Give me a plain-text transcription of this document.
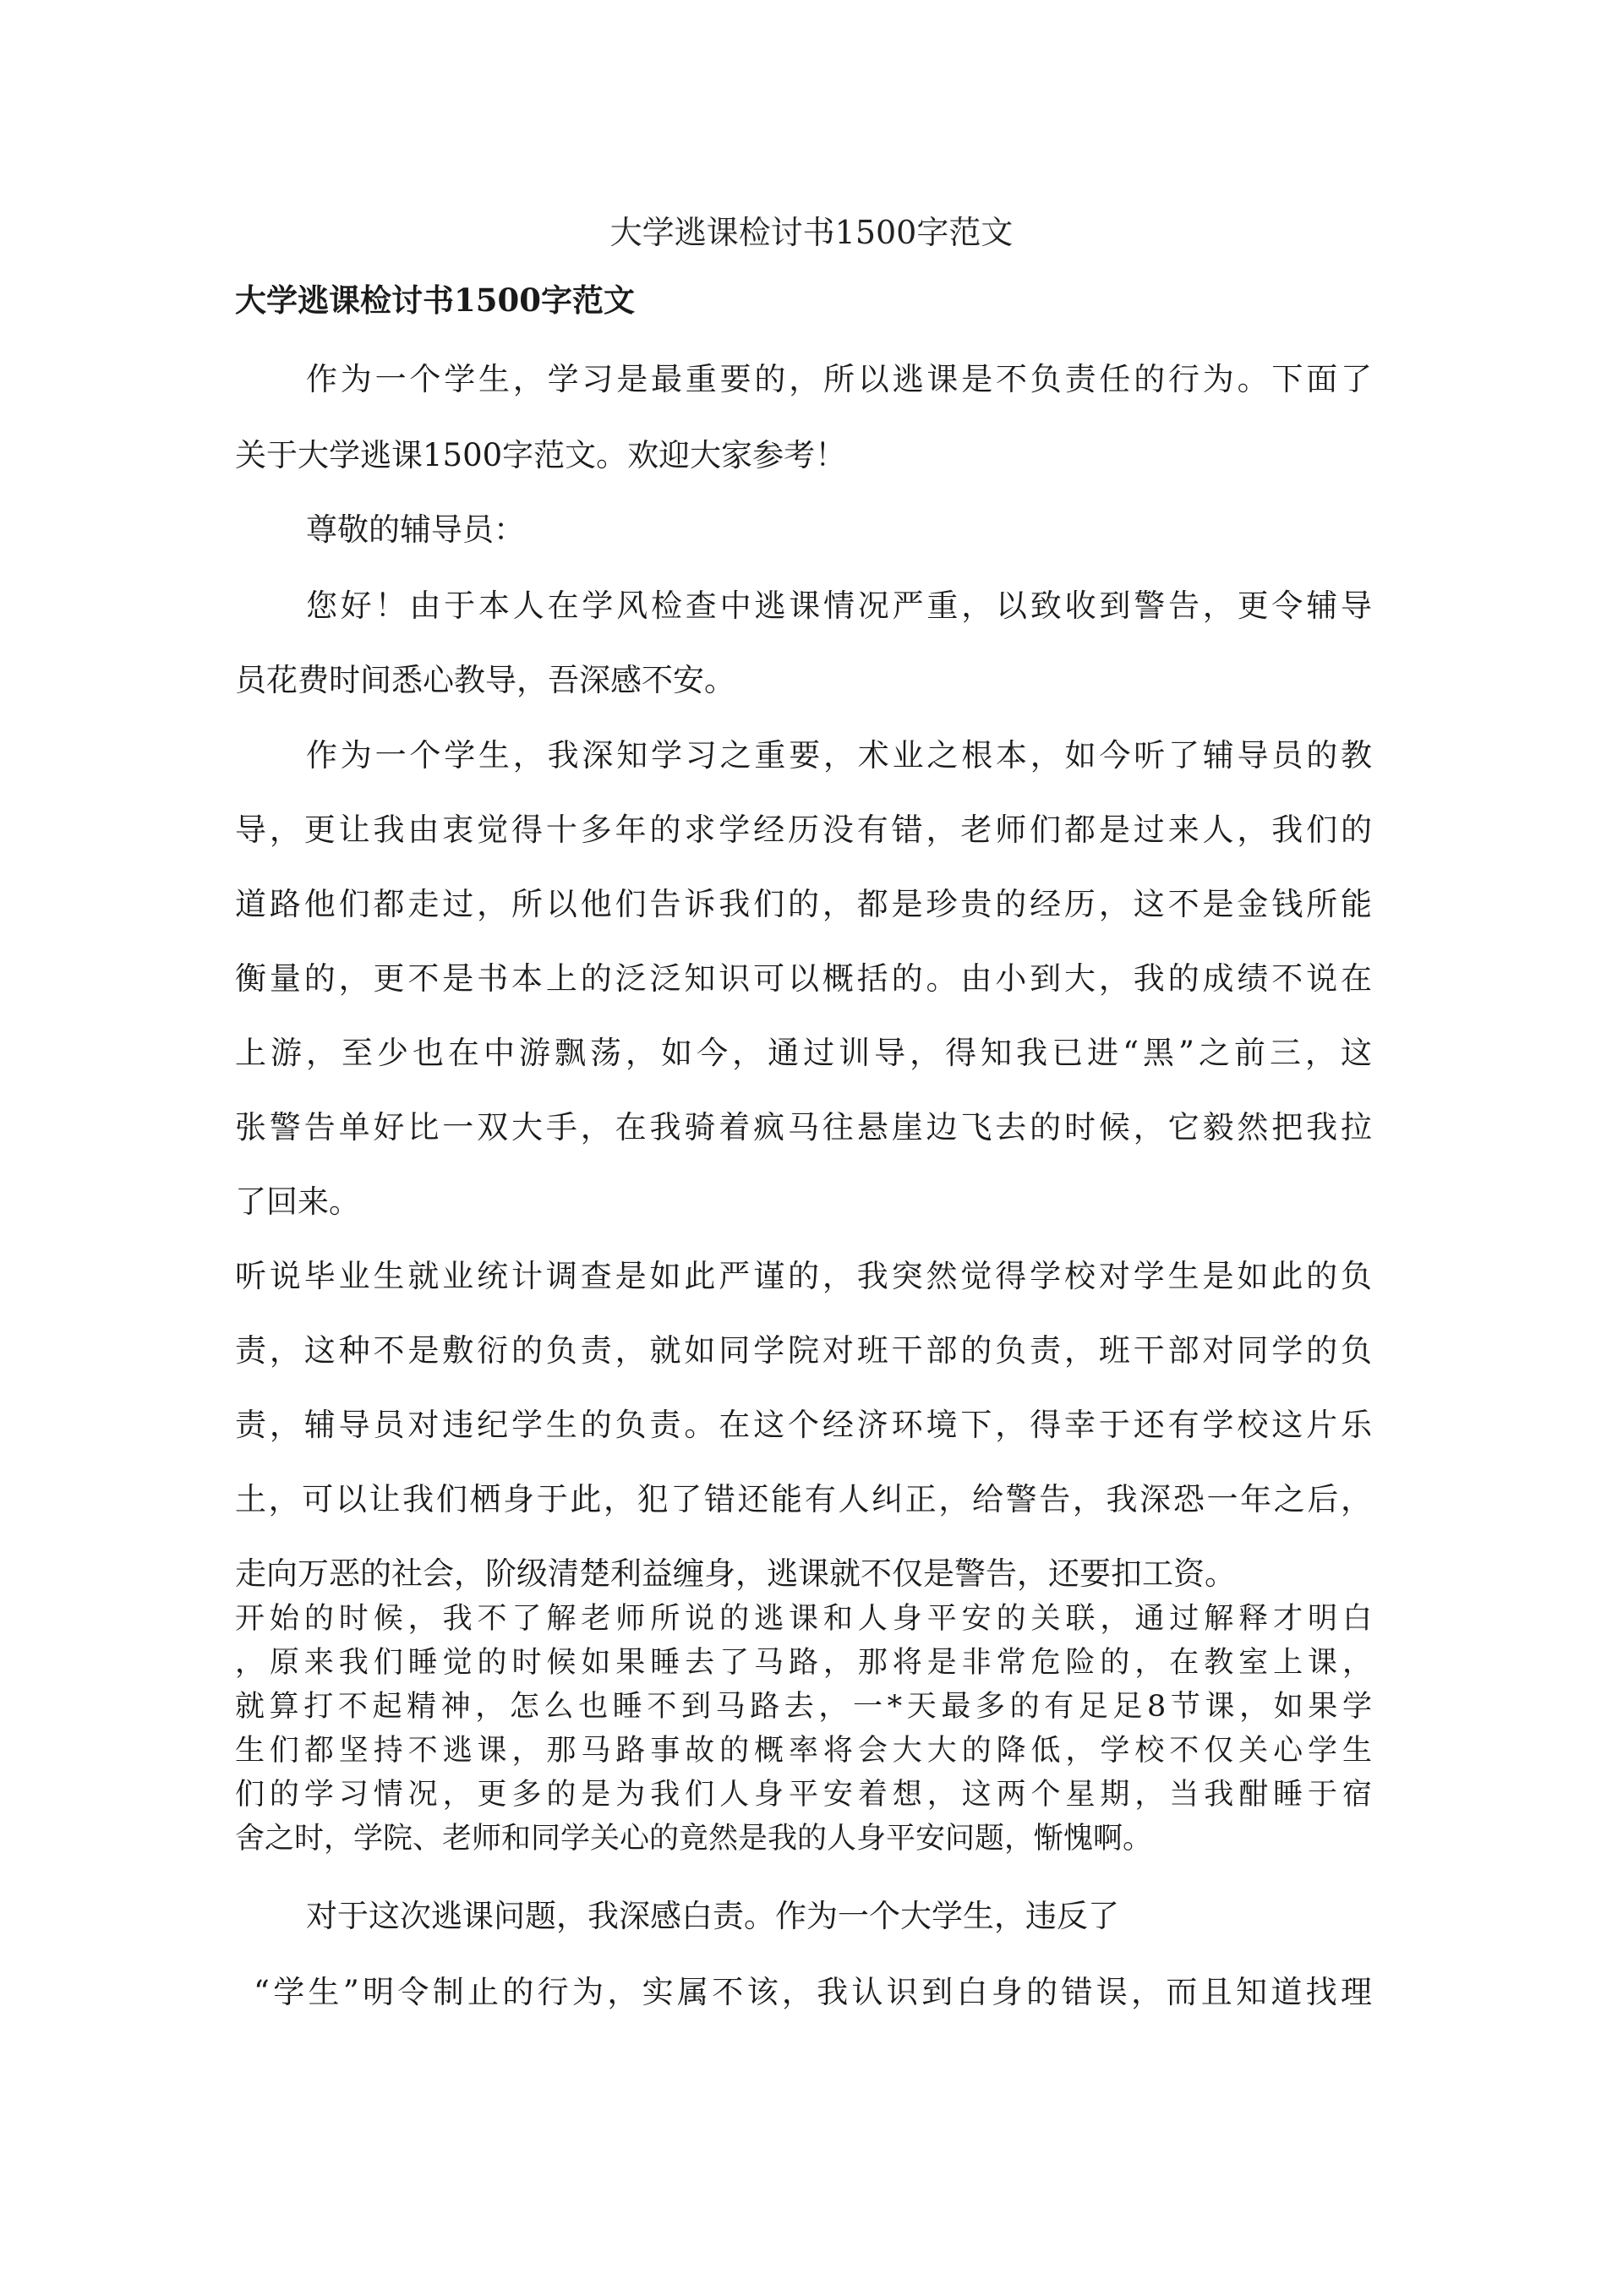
大学逃课检讨书1500字范文
大学逃课检讨书1500字范文
作为一个学生，学习是最重要的，所以逃课是不负责任的行为。下面了
关于大学逃课1500字范文。欢迎大家参考！
尊敬的辅导员：
您好！由于本人在学风检查中逃课情况严重，以致收到警告，更令辅导
员花费时间悉心教导，吾深感不安。
作为一个学生，我深知学习之重要，术业之根本，如今听了辅导员的教
导，更让我由衷觉得十多年的求学经历没有错，老师们都是过来人，我们的
道路他们都走过，所以他们告诉我们的，都是珍贵的经历，这不是金钱所能
衡量的，更不是书本上的泛泛知识可以概括的。由小到大，我的成绩不说在
上游，至少也在中游飘荡，如今，通过训导，得知我已进“黑”之前三，这
张警告单好比一双大手，在我骑着疯马往悬崖边飞去的时候，它毅然把我拉
了回来。
听说毕业生就业统计调查是如此严谨的，我突然觉得学校对学生是如此的负
责，这种不是敷衍的负责，就如同学院对班干部的负责，班干部对同学的负
责，辅导员对违纪学生的负责。在这个经济环境下，得幸于还有学校这片乐
土，可以让我们栖身于此，犯了错还能有人纠正，给警告，我深恐一年之后，
走向万恶的社会，阶级清楚利益缠身，逃课就不仅是警告，还要扣工资。
开始的时候，我不了解老师所说的逃课和人身平安的关联，通过解释才明白
，原来我们睡觉的时候如果睡去了马路，那将是非常危险的，在教室上课，
就算打不起精神，怎么也睡不到马路去，一*天最多的有足足8节课，如果学
生们都坚持不逃课，那马路事故的概率将会大大的降低，学校不仅关心学生
们的学习情况，更多的是为我们人身平安着想，这两个星期，当我酣睡于宿
舍之时，学院、老师和同学关心的竟然是我的人身平安问题，惭愧啊。
对于这次逃课问题，我深感白责。作为一个大学生，违反了
“学生”明令制止的行为，实属不该，我认识到白身的错误，而且知道找理
